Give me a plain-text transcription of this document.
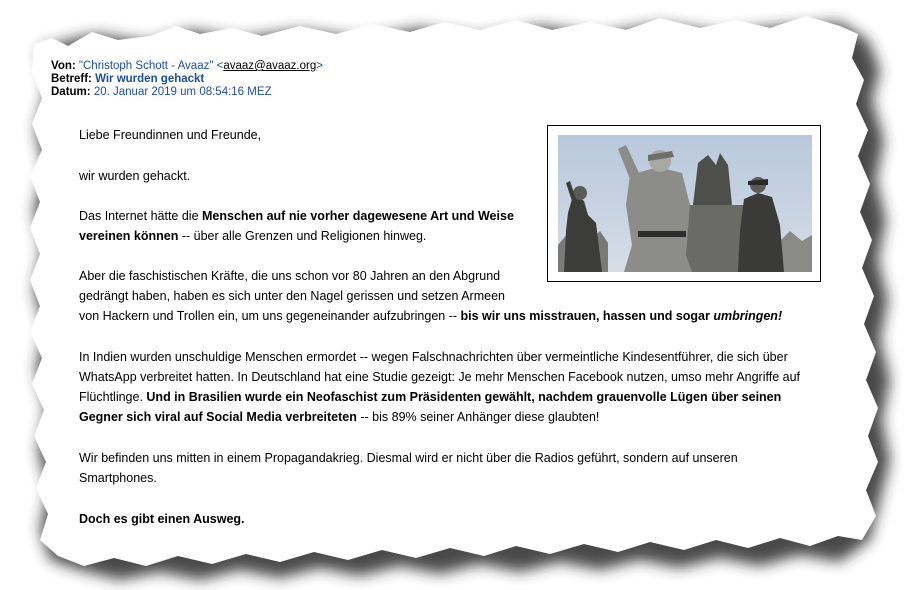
Von: "Christoph Schott - Avaaz" <avaaz@avaaz.org>
Betreff: Wir wurden gehackt
Datum: 20. Januar 2019 um 08:54:16 MEZ
Liebe Freundinnen und Freunde,
wir wurden gehackt.
Das Internet hätte die Menschen auf nie vorher dagewesene Art und Weise
vereinen können -- über alle Grenzen und Religionen hinweg.
Aber die faschistischen Kräfte, die uns schon vor 80 Jahren an den Abgrund
gedrängt haben, haben es sich unter den Nagel gerissen und setzen Armeen
von Hackern und Trollen ein, um uns gegeneinander aufzubringen -- bis wir uns misstrauen, hassen und sogar umbringen!
In Indien wurden unschuldige Menschen ermordet -- wegen Falschnachrichten über vermeintliche Kindesentführer, die sich über
WhatsApp verbreitet hatten. In Deutschland hat eine Studie gezeigt: Je mehr Menschen Facebook nutzen, umso mehr Angriffe auf
Flüchtlinge. Und in Brasilien wurde ein Neofaschist zum Präsidenten gewählt, nachdem grauenvolle Lügen über seinen
Gegner sich viral auf Social Media verbreiteten -- bis 89% seiner Anhänger diese glaubten!
Wir befinden uns mitten in einem Propagandakrieg. Diesmal wird er nicht über die Radios geführt, sondern auf unseren
Smartphones.
Doch es gibt einen Ausweg.
